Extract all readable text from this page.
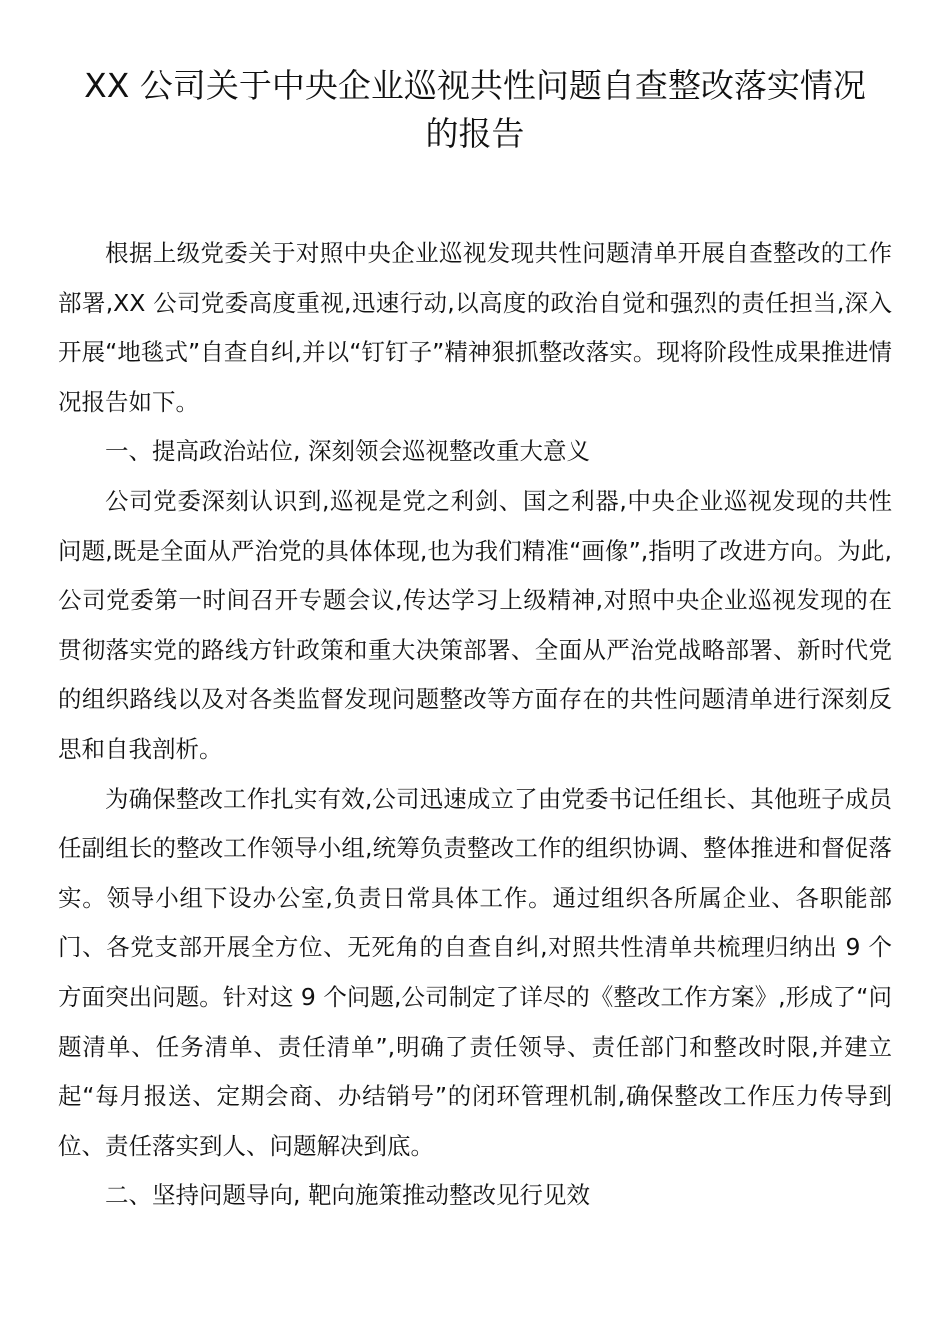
XX 公司关于中央企业巡视共性问题自查整改落实情况
的报告

根据上级党委关于对照中央企业巡视发现共性问题清单开展自查整改的工作部署,XX 公司党委高度重视,迅速行动,以高度的政治自觉和强烈的责任担当,深入开展“地毯式”自查自纠,并以“钉钉子”精神狠抓整改落实。现将阶段性成果推进情况报告如下。

一、提高政治站位, 深刻领会巡视整改重大意义

公司党委深刻认识到,巡视是党之利剑、国之利器,中央企业巡视发现的共性问题,既是全面从严治党的具体体现,也为我们精准“画像”,指明了改进方向。为此,公司党委第一时间召开专题会议,传达学习上级精神,对照中央企业巡视发现的在贯彻落实党的路线方针政策和重大决策部署、全面从严治党战略部署、新时代党的组织路线以及对各类监督发现问题整改等方面存在的共性问题清单进行深刻反思和自我剖析。

为确保整改工作扎实有效,公司迅速成立了由党委书记任组长、其他班子成员任副组长的整改工作领导小组,统筹负责整改工作的组织协调、整体推进和督促落实。领导小组下设办公室,负责日常具体工作。通过组织各所属企业、各职能部门、各党支部开展全方位、无死角的自查自纠,对照共性清单共梳理归纳出 9 个方面突出问题。针对这 9 个问题,公司制定了详尽的《整改工作方案》,形成了“问题清单、任务清单、责任清单”,明确了责任领导、责任部门和整改时限,并建立起“每月报送、定期会商、办结销号”的闭环管理机制,确保整改工作压力传导到位、责任落实到人、问题解决到底。

二、坚持问题导向, 靶向施策推动整改见行见效
